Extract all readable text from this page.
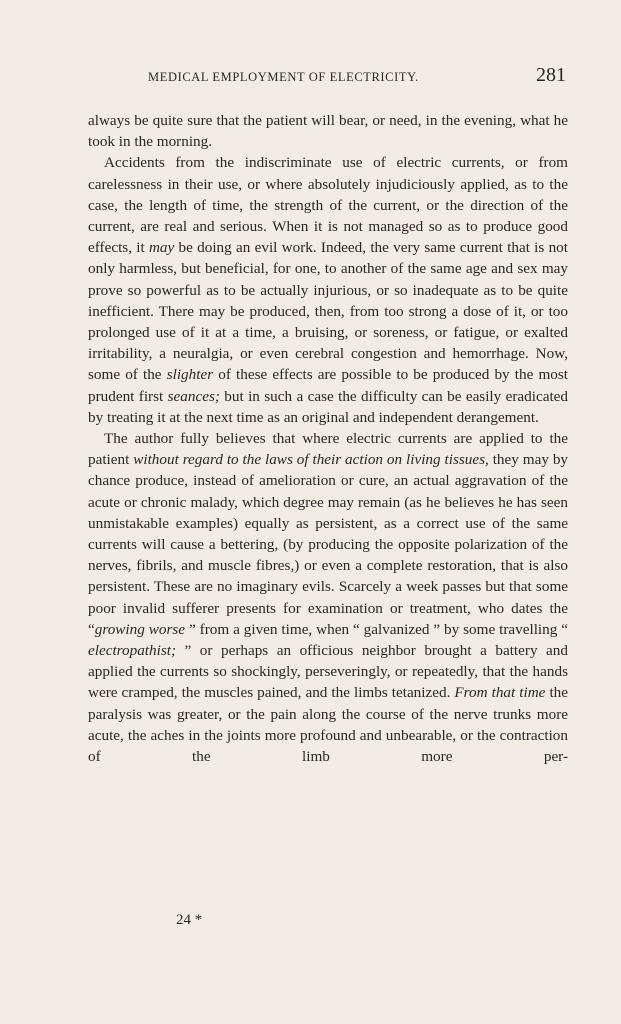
MEDICAL EMPLOYMENT OF ELECTRICITY.	281

always be quite sure that the patient will bear, or need, in the evening, what he took in the morning.

Accidents from the indiscriminate use of electric currents, or from carelessness in their use, or where absolutely injudiciously applied, as to the case, the length of time, the strength of the current, or the direction of the current, are real and serious. When it is not managed so as to produce good effects, it may be doing an evil work. Indeed, the very same current that is not only harmless, but beneficial, for one, to another of the same age and sex may prove so powerful as to be actually injurious, or so inadequate as to be quite inefficient. There may be produced, then, from too strong a dose of it, or too prolonged use of it at a time, a bruising, or soreness, or fatigue, or exalted irritability, a neuralgia, or even cerebral congestion and hemorrhage. Now, some of the slighter of these effects are possible to be produced by the most prudent first seances; but in such a case the difficulty can be easily eradicated by treating it at the next time as an original and independent derangement.

The author fully believes that where electric currents are applied to the patient without regard to the laws of their action on living tissues, they may by chance produce, instead of amelioration or cure, an actual aggravation of the acute or chronic malady, which degree may remain (as he believes he has seen unmistakable examples) equally as persistent, as a correct use of the same currents will cause a bettering, (by producing the opposite polarization of the nerves, fibrils, and muscle fibres,) or even a complete restoration, that is also persistent. These are no imaginary evils. Scarcely a week passes but that some poor invalid sufferer presents for examination or treatment, who dates the “growing worse ” from a given time, when “ galvanized ” by some travelling “ electropathist; ” or perhaps an officious neighbor brought a battery and applied the currents so shockingly, perseveringly, or repeatedly, that the hands were cramped, the muscles pained, and the limbs tetanized. From that time the paralysis was greater, or the pain along the course of the nerve trunks more acute, the aches in the joints more profound and unbearable, or the contraction of the limb more per-

24 *
